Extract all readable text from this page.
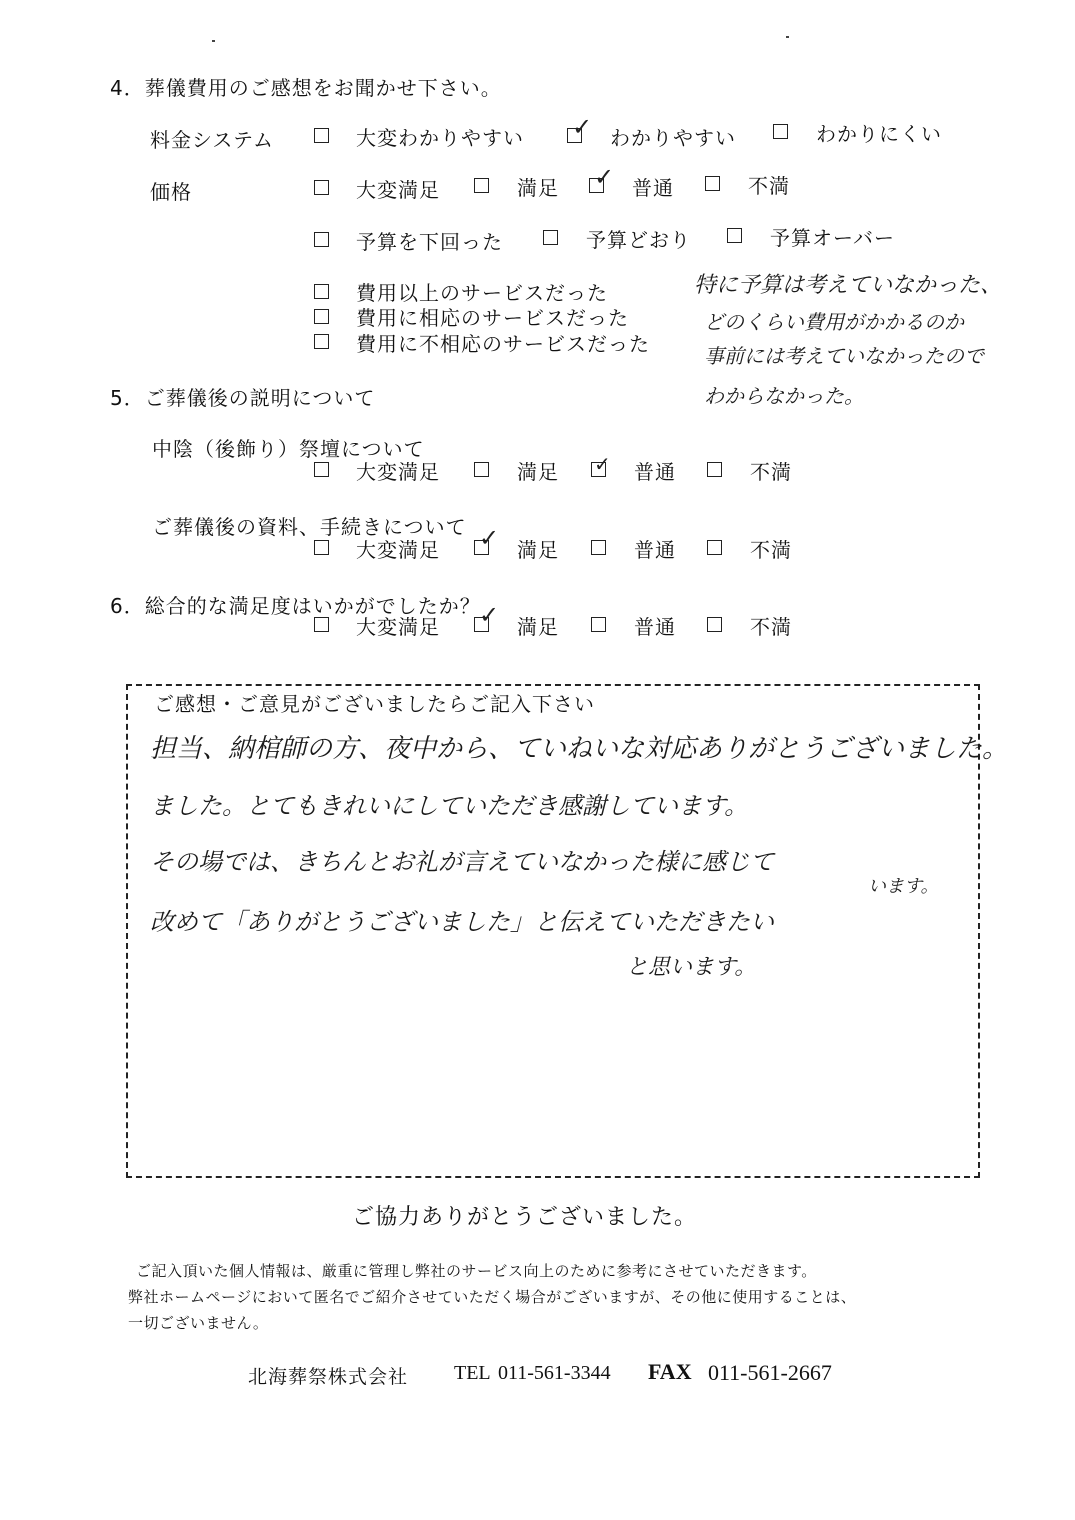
4．葬儀費用のご感想をお聞かせ下さい。
料金システム	大変わかりやすい ✓ わかりやすい	わかりにくい
価格	大変満足	満足 ✓ 普通	不満
予算を下回った	予算どおり	予算オーバー
費用以上のサービスだった
費用に相応のサービスだった
費用に不相応のサービスだった
特に予算は考えていなかった、
どのくらい費用がかかるのか
事前には考えていなかったので
わからなかった。
5．ご葬儀後の説明について
中陰（後飾り）祭壇について
大変満足	満足 ✓ 普通	不満
ご葬儀後の資料、手続きについて
大変満足 ✓ 満足	普通	不満
6．総合的な満足度はいかがでしたか？
大変満足 ✓ 満足	普通	不満
ご感想・ご意見がございましたらご記入下さい
担当、納棺師の方、夜中から、ていねいな対応ありがとうございました。
ました。とてもきれいにしていただき感謝しています。
その場では、きちんとお礼が言えていなかった様に感じて
います。
改めて「ありがとうございました」と伝えていただきたい
と思います。
ご協力ありがとうございました。
ご記入頂いた個人情報は、厳重に管理し弊社のサービス向上のために参考にさせていただきます。
弊社ホームページにおいて匿名でご紹介させていただく場合がございますが、その他に使用することは、
一切ございません。
北海葬祭株式会社 TEL 011-561-3344 FAX 011-561-2667
